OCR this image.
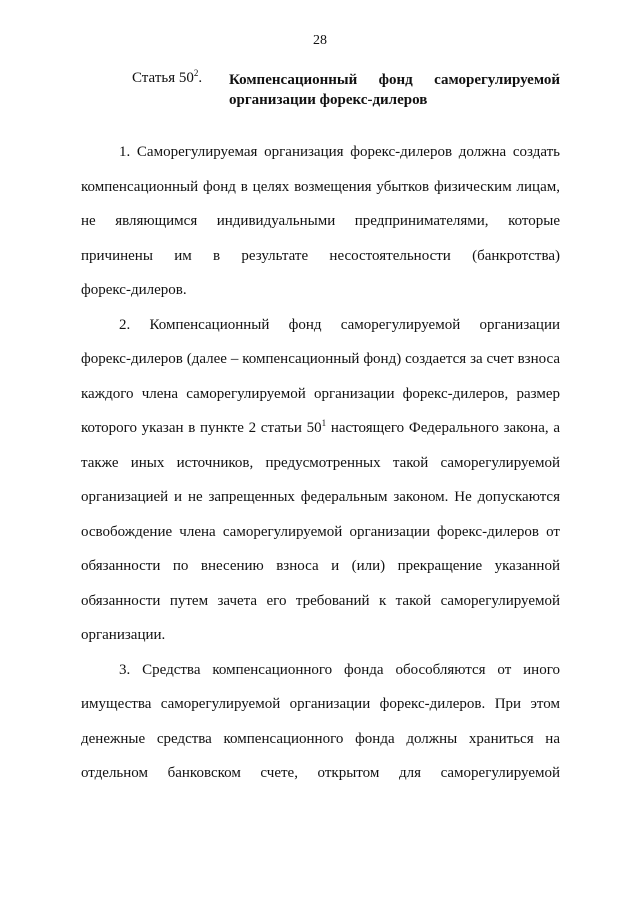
28
Статья $50^2$. Компенсационный фонд саморегулируемой
организации форекс-дилеров
1. Саморегулируемая организация форекс-дилеров должна создать
компенсационный фонд в целях возмещения убытков физическим лицам,
не являющимся индивидуальными предпринимателями, которые
причинены им в результате несостоятельности (банкротства)
форекс-дилеров.
2. Компенсационный фонд саморегулируемой организации
форекс-дилеров (далее – компенсационный фонд) создается за счет взноса
каждого члена саморегулируемой организации форекс-дилеров, размер
которого указан в пункте 2 статьи $50^1$ настоящего Федерального закона, а
также иных источников, предусмотренных такой саморегулируемой
организацией и не запрещенных федеральным законом. Не допускаются
освобождение члена саморегулируемой организации форекс-дилеров от
обязанности по внесению взноса и (или) прекращение указанной
обязанности путем зачета его требований к такой саморегулируемой
организации.
3. Средства компенсационного фонда обособляются от иного
имущества саморегулируемой организации форекс-дилеров. При этом
денежные средства компенсационного фонда должны храниться на
отдельном банковском счете, открытом для саморегулируемой
